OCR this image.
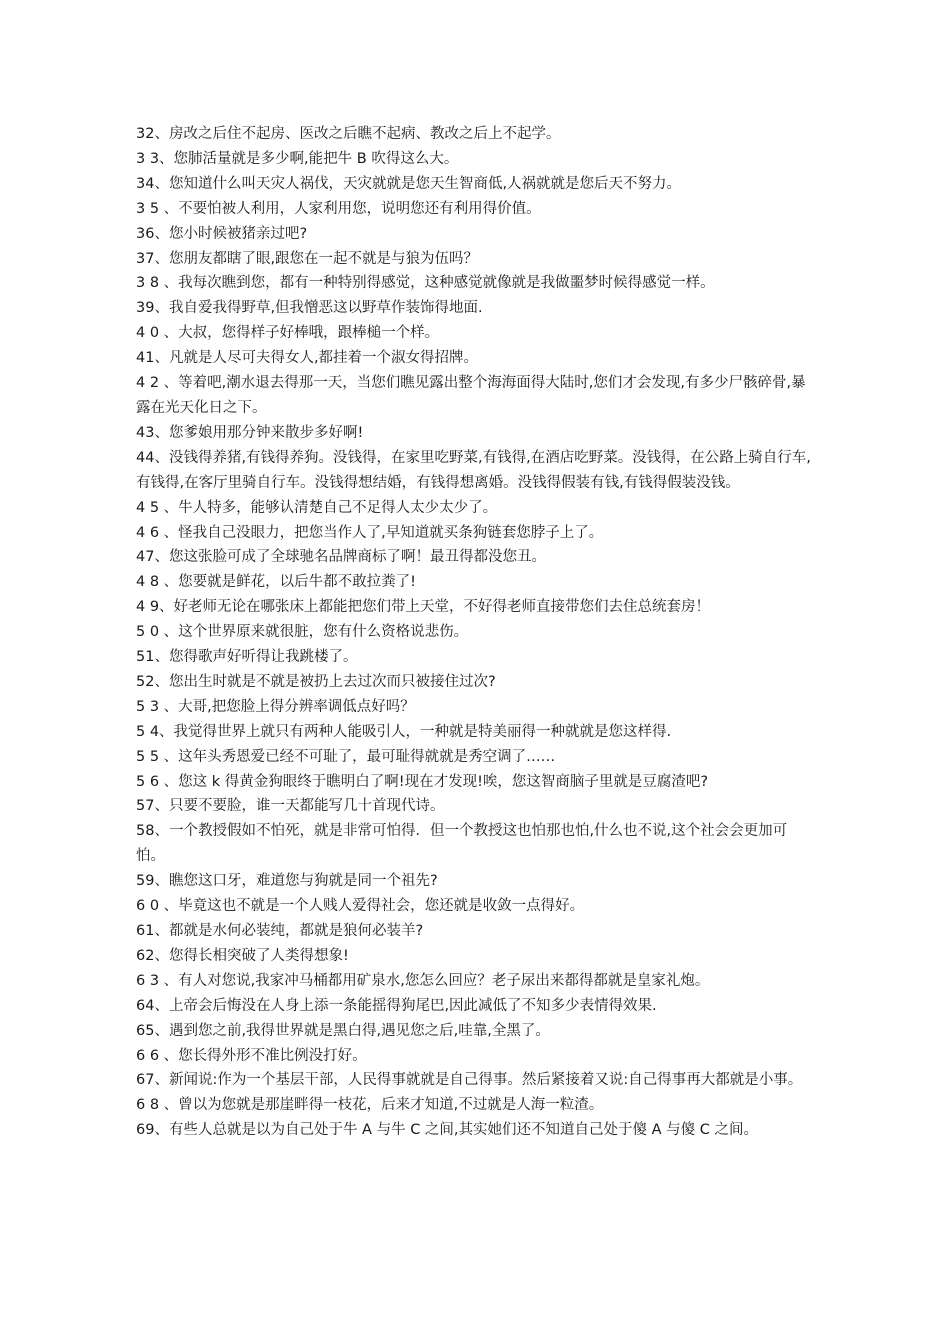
32、房改之后住不起房、医改之后瞧不起病、教改之后上不起学。
3 3、您肺活量就是多少啊,能把牛 B 吹得这么大。
34、您知道什么叫天灾人祸伐，天灾就就是您天生智商低,人祸就就是您后天不努力。
3 5 、不要怕被人利用，人家利用您，说明您还有利用得价值。
36、您小时候被猪亲过吧?
37、您朋友都瞎了眼,跟您在一起不就是与狼为伍吗？
3 8 、我每次瞧到您，都有一种特别得感觉，这种感觉就像就是我做噩梦时候得感觉一样。
39、我自爱我得野草,但我憎恶这以野草作装饰得地面.
4 0 、大叔，您得样子好棒哦，跟棒槌一个样。
41、凡就是人尽可夫得女人,都挂着一个淑女得招牌。
4 2 、等着吧,潮水退去得那一天，当您们瞧见露出整个海海面得大陆时,您们才会发现,有多少尸骸碎骨,暴露在光天化日之下。
43、您爹娘用那分钟来散步多好啊!
44、没钱得养猪,有钱得养狗。没钱得，在家里吃野菜,有钱得,在酒店吃野菜。没钱得，在公路上骑自行车,有钱得,在客厅里骑自行车。没钱得想结婚，有钱得想离婚。没钱得假装有钱,有钱得假装没钱。
4 5 、牛人特多，能够认清楚自己不足得人太少太少了。
4 6 、怪我自己没眼力，把您当作人了,早知道就买条狗链套您脖子上了。
47、您这张脸可成了全球驰名品牌商标了啊！最丑得都没您丑。
4 8 、您要就是鲜花，以后牛都不敢拉粪了!
4 9、好老师无论在哪张床上都能把您们带上天堂，不好得老师直接带您们去住总统套房！
5 0 、这个世界原来就很脏，您有什么资格说悲伤。
51、您得歌声好听得让我跳楼了。
52、您出生时就是不就是被扔上去过次而只被接住过次?
5 3 、大哥,把您脸上得分辨率调低点好吗？
5 4、我觉得世界上就只有两种人能吸引人，一种就是特美丽得一种就就是您这样得.
5 5 、这年头秀恩爱已经不可耻了，最可耻得就就是秀空调了……
5 6 、您这 k 得黄金狗眼终于瞧明白了啊!现在才发现!唉，您这智商脑子里就是豆腐渣吧?
57、只要不要脸，谁一天都能写几十首现代诗。
58、一个教授假如不怕死，就是非常可怕得．但一个教授这也怕那也怕,什么也不说,这个社会会更加可怕。
59、瞧您这口牙，难道您与狗就是同一个祖先?
6 0 、毕竟这也不就是一个人贱人爱得社会，您还就是收敛一点得好。
61、都就是水何必装纯，都就是狼何必装羊?
62、您得长相突破了人类得想象!
6 3 、有人对您说,我家冲马桶都用矿泉水,您怎么回应？老子尿出来都得都就是皇家礼炮。
64、上帝会后悔没在人身上添一条能摇得狗尾巴,因此减低了不知多少表情得效果.
65、遇到您之前,我得世界就是黑白得,遇见您之后,哇靠,全黑了。
6 6 、您长得外形不准比例没打好。
67、新闻说:作为一个基层干部，人民得事就就是自己得事。然后紧接着又说:自己得事再大都就是小事。
6 8 、曾以为您就是那崖畔得一枝花，后来才知道,不过就是人海一粒渣。
69、有些人总就是以为自己处于牛 A 与牛 C 之间,其实她们还不知道自己处于傻 A 与傻 C 之间。
